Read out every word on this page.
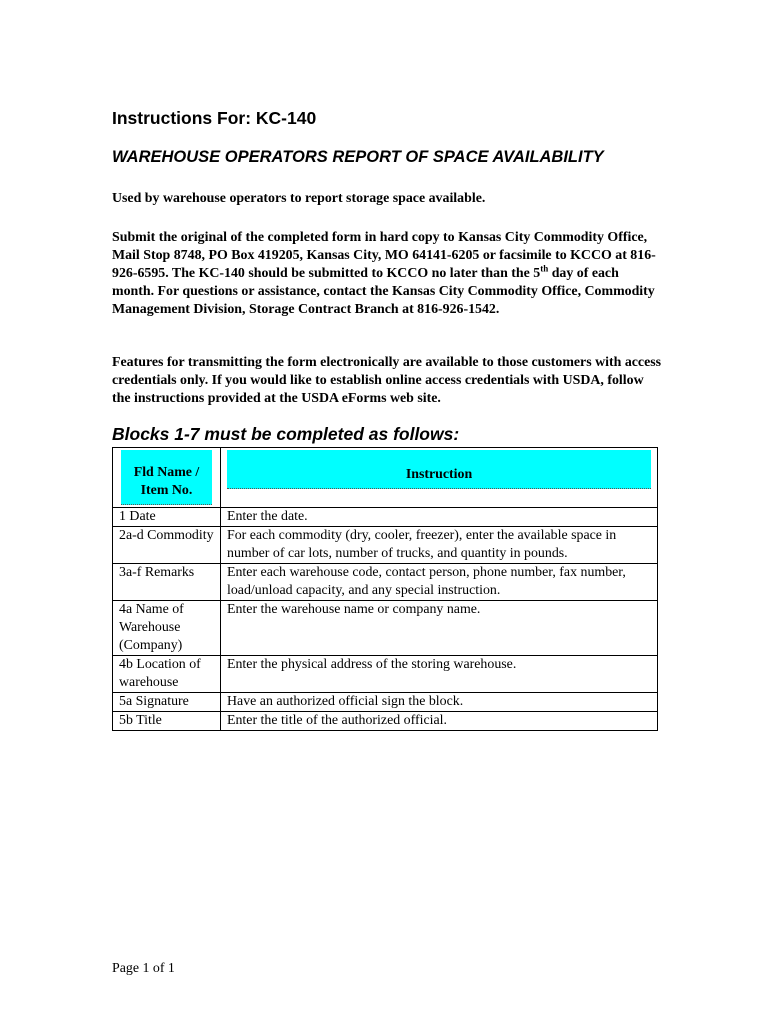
Instructions For: KC-140
WAREHOUSE OPERATORS REPORT OF SPACE AVAILABILITY

Used by warehouse operators to report storage space available.

Submit the original of the completed form in hard copy to Kansas City Commodity Office, Mail Stop 8748, PO Box 419205, Kansas City, MO 64141-6205 or facsimile to KCCO at 816-926-6595. The KC-140 should be submitted to KCCO no later than the 5th day of each month. For questions or assistance, contact the Kansas City Commodity Office, Commodity Management Division, Storage Contract Branch at 816-926-1542.

Features for transmitting the form electronically are available to those customers with access credentials only. If you would like to establish online access credentials with USDA, follow the instructions provided at the USDA eForms web site.

Blocks 1-7 must be completed as follows:
Fld Name / Item No.	Instruction

1 Date	Enter the date.
2a-d Commodity	For each commodity (dry, cooler, freezer), enter the available space in number of car lots, number of trucks, and quantity in pounds.
3a-f Remarks	Enter each warehouse code, contact person, phone number, fax number, load/unload capacity, and any special instruction.
4a Name of Warehouse (Company)	Enter the warehouse name or company name.
4b Location of warehouse	Enter the physical address of the storing warehouse.
5a Signature	Have an authorized official sign the block.
5b Title	Enter the title of the authorized official.
Page 1 of 1
